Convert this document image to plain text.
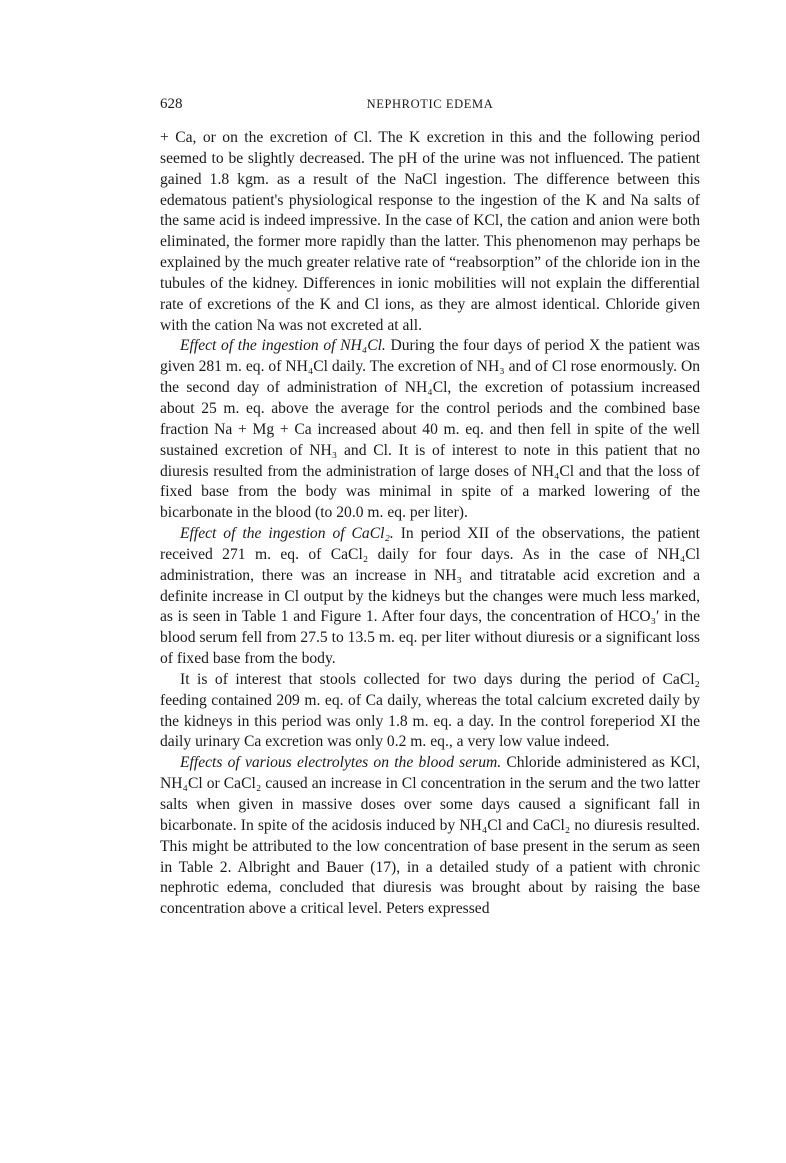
628	NEPHROTIC EDEMA

+ Ca, or on the excretion of Cl. The K excretion in this and the following period seemed to be slightly decreased. The pH of the urine was not influenced. The patient gained 1.8 kgm. as a result of the NaCl ingestion. The difference between this edematous patient's physiological response to the ingestion of the K and Na salts of the same acid is indeed impressive. In the case of KCl, the cation and anion were both eliminated, the former more rapidly than the latter. This phenomenon may perhaps be explained by the much greater relative rate of “reabsorption” of the chloride ion in the tubules of the kidney. Differences in ionic mobilities will not explain the differential rate of excretions of the K and Cl ions, as they are almost identical. Chloride given with the cation Na was not excreted at all.

Effect of the ingestion of NH₄Cl. During the four days of period X the patient was given 281 m. eq. of NH₄Cl daily. The excretion of NH₃ and of Cl rose enormously. On the second day of administration of NH₄Cl, the excretion of potassium increased about 25 m. eq. above the average for the control periods and the combined base fraction Na + Mg + Ca increased about 40 m. eq. and then fell in spite of the well sustained excretion of NH₃ and Cl. It is of interest to note in this patient that no diuresis resulted from the administration of large doses of NH₄Cl and that the loss of fixed base from the body was minimal in spite of a marked lowering of the bicarbonate in the blood (to 20.0 m. eq. per liter).

Effect of the ingestion of CaCl₂. In period XII of the observations, the patient received 271 m. eq. of CaCl₂ daily for four days. As in the case of NH₄Cl administration, there was an increase in NH₃ and titratable acid excretion and a definite increase in Cl output by the kidneys but the changes were much less marked, as is seen in Table 1 and Figure 1. After four days, the concentration of HCO₃′ in the blood serum fell from 27.5 to 13.5 m. eq. per liter without diuresis or a significant loss of fixed base from the body.

It is of interest that stools collected for two days during the period of CaCl₂ feeding contained 209 m. eq. of Ca daily, whereas the total calcium excreted daily by the kidneys in this period was only 1.8 m. eq. a day. In the control foreperiod XI the daily urinary Ca excretion was only 0.2 m. eq., a very low value indeed.

Effects of various electrolytes on the blood serum. Chloride administered as KCl, NH₄Cl or CaCl₂ caused an increase in Cl concentration in the serum and the two latter salts when given in massive doses over some days caused a significant fall in bicarbonate. In spite of the acidosis induced by NH₄Cl and CaCl₂ no diuresis resulted. This might be attributed to the low concentration of base present in the serum as seen in Table 2. Albright and Bauer (17), in a detailed study of a patient with chronic nephrotic edema, concluded that diuresis was brought about by raising the base concentration above a critical level. Peters expressed
